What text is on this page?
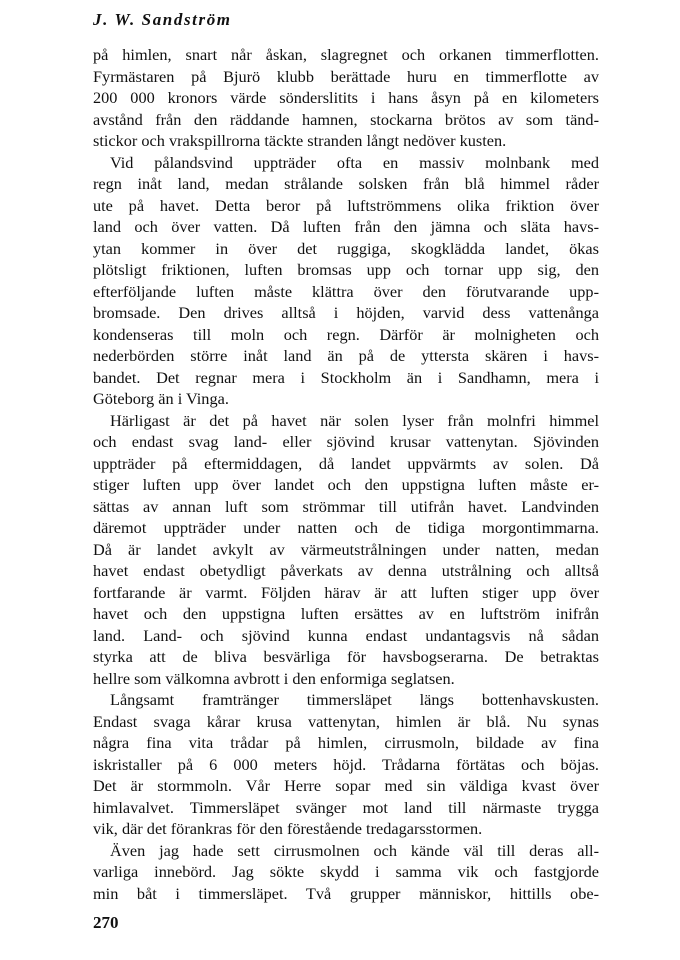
J. W. Sandström
på himlen, snart når åskan, slagregnet och orkanen timmerflotten.
Fyrmästaren på Bjurö klubb berättade huru en timmerflotte av
200 000 kronors värde sönderslitits i hans åsyn på en kilometers
avstånd från den räddande hamnen, stockarna brötos av som tänd-
stickor och vrakspillrorna täckte stranden långt nedöver kusten.
Vid pålandsvind uppträder ofta en massiv molnbank med
regn inåt land, medan strålande solsken från blå himmel råder
ute på havet. Detta beror på luftströmmens olika friktion över
land och över vatten. Då luften från den jämna och släta havs-
ytan kommer in över det ruggiga, skogklädda landet, ökas
plötsligt friktionen, luften bromsas upp och tornar upp sig, den
efterföljande luften måste klättra över den förutvarande upp-
bromsade. Den drives alltså i höjden, varvid dess vattenånga
kondenseras till moln och regn. Därför är molnigheten och
nederbörden större inåt land än på de yttersta skären i havs-
bandet. Det regnar mera i Stockholm än i Sandhamn, mera i
Göteborg än i Vinga.
Härligast är det på havet när solen lyser från molnfri himmel
och endast svag land- eller sjövind krusar vattenytan. Sjövinden
uppträder på eftermiddagen, då landet uppvärmts av solen. Då
stiger luften upp över landet och den uppstigna luften måste er-
sättas av annan luft som strömmar till utifrån havet. Landvinden
däremot uppträder under natten och de tidiga morgontimmarna.
Då är landet avkylt av värmeutstrålningen under natten, medan
havet endast obetydligt påverkats av denna utstrålning och alltså
fortfarande är varmt. Följden härav är att luften stiger upp över
havet och den uppstigna luften ersättes av en luftström inifrån
land. Land- och sjövind kunna endast undantagsvis nå sådan
styrka att de bliva besvärliga för havsbogserarna. De betraktas
hellre som välkomna avbrott i den enformiga seglatsen.
Långsamt framtränger timmersläpet längs bottenhavskusten.
Endast svaga kårar krusa vattenytan, himlen är blå. Nu synas
några fina vita trådar på himlen, cirrusmoln, bildade av fina
iskristaller på 6 000 meters höjd. Trådarna förtätas och böjas.
Det är stormmoln. Vår Herre sopar med sin väldiga kvast över
himlavalvet. Timmersläpet svänger mot land till närmaste trygga
vik, där det förankras för den förestående tredagarsstormen.
Även jag hade sett cirrusmolnen och kände väl till deras all-
varliga innebörd. Jag sökte skydd i samma vik och fastgjorde
min båt i timmersläpet. Två grupper människor, hittills obe-
270
